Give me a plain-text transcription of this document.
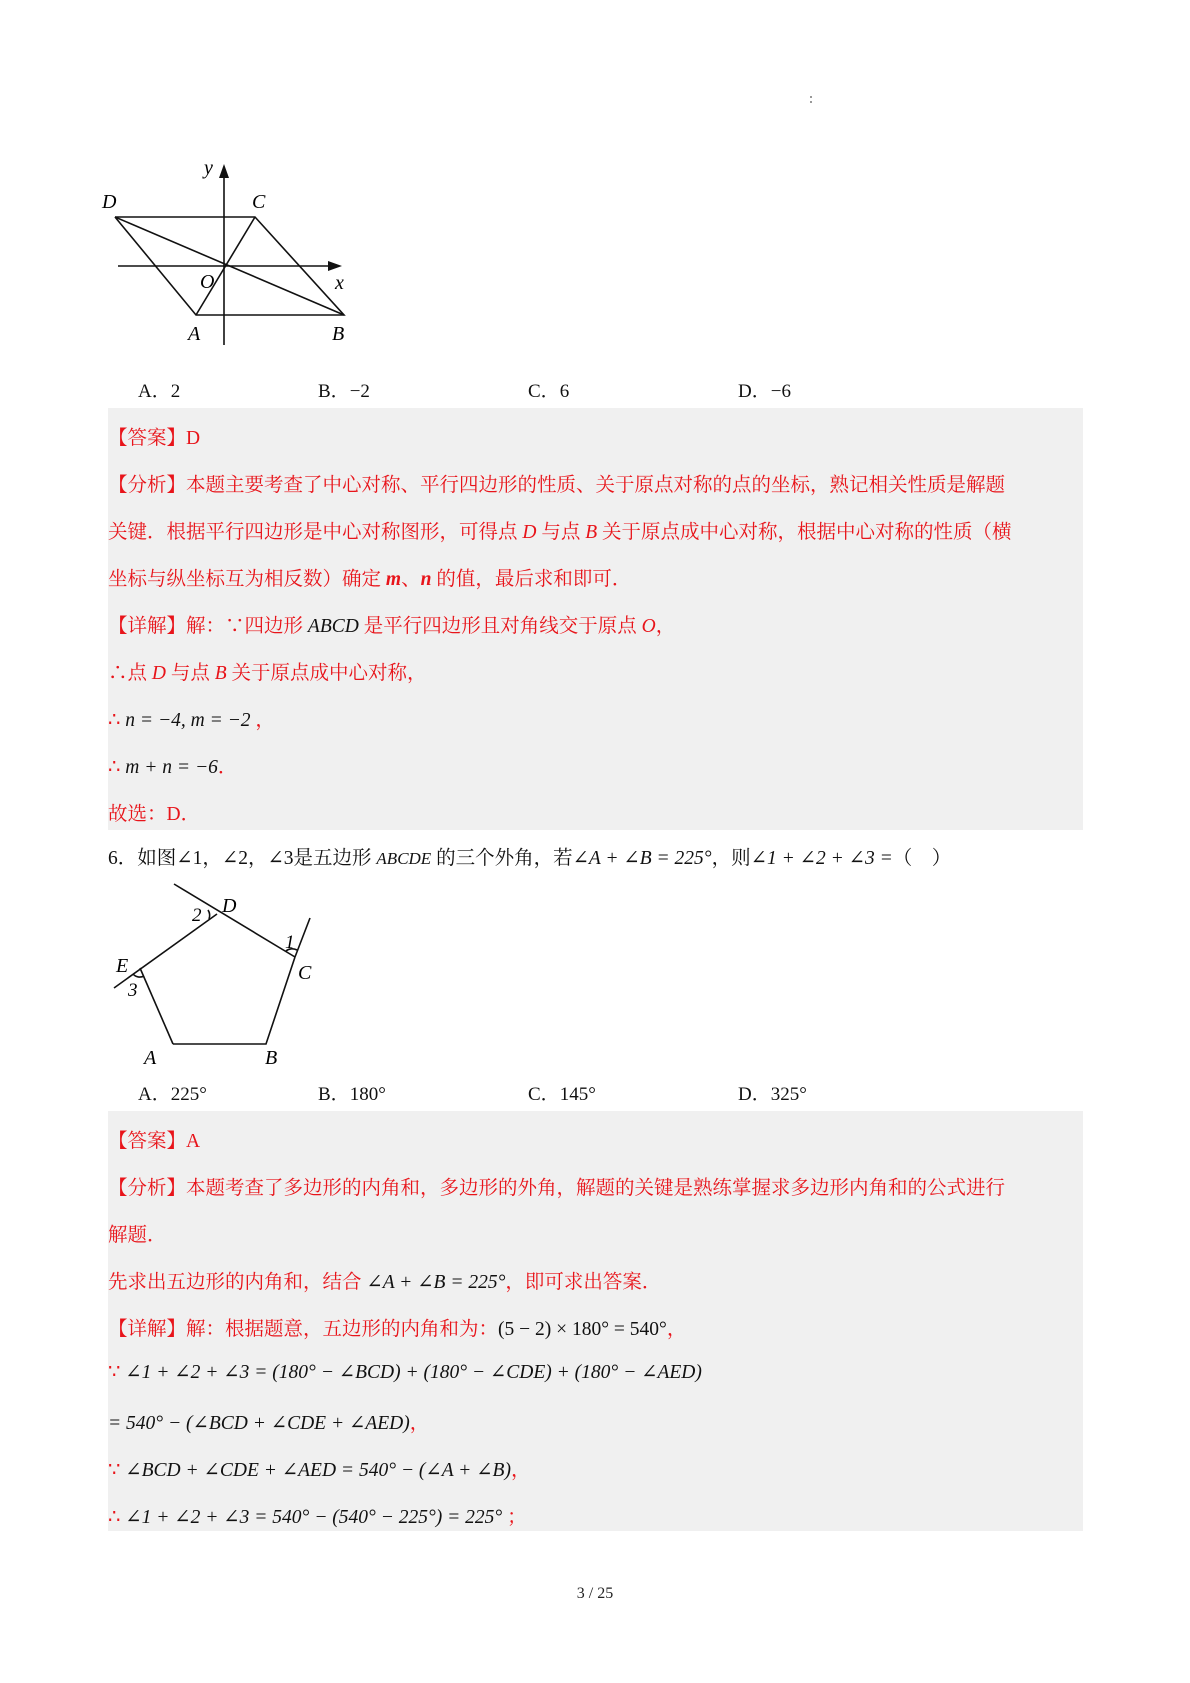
y
x
D	C
O
A	B
A．2	B．−2	C．6	D．−6
【答案】D
【分析】本题主要考查了中心对称、平行四边形的性质、关于原点对称的点的坐标，熟记相关性质是解题
关键．根据平行四边形是中心对称图形，可得点 D 与点 B 关于原点成中心对称，根据中心对称的性质（横
坐标与纵坐标互为相反数）确定 m、n 的值，最后求和即可．
【详解】解：∵四边形 ABCD 是平行四边形且对角线交于原点 O，
∴点 D 与点 B 关于原点成中心对称，
∴ n = −4, m = −2 ，
∴ m + n = −6．
故选：D．
6．如图∠1，∠2，∠3是五边形 ABCDE 的三个外角，若∠A + ∠B = 225°，则∠1 + ∠2 + ∠3 =（　）
D
C
E
A	B
1
2
3
A．225°	B．180°	C．145°	D．325°
【答案】A
【分析】本题考查了多边形的内角和，多边形的外角，解题的关键是熟练掌握求多边形内角和的公式进行
解题．
先求出五边形的内角和，结合 ∠A + ∠B = 225°，即可求出答案．
【详解】解：根据题意，五边形的内角和为：(5 − 2) × 180° = 540°，
∵ ∠1 + ∠2 + ∠3 = (180° − ∠BCD) + (180° − ∠CDE) + (180° − ∠AED)
= 540° − (∠BCD + ∠CDE + ∠AED)，
∵ ∠BCD + ∠CDE + ∠AED = 540° − (∠A + ∠B)，
∴ ∠1 + ∠2 + ∠3 = 540° − (540° − 225°) = 225° ；
3 / 25
